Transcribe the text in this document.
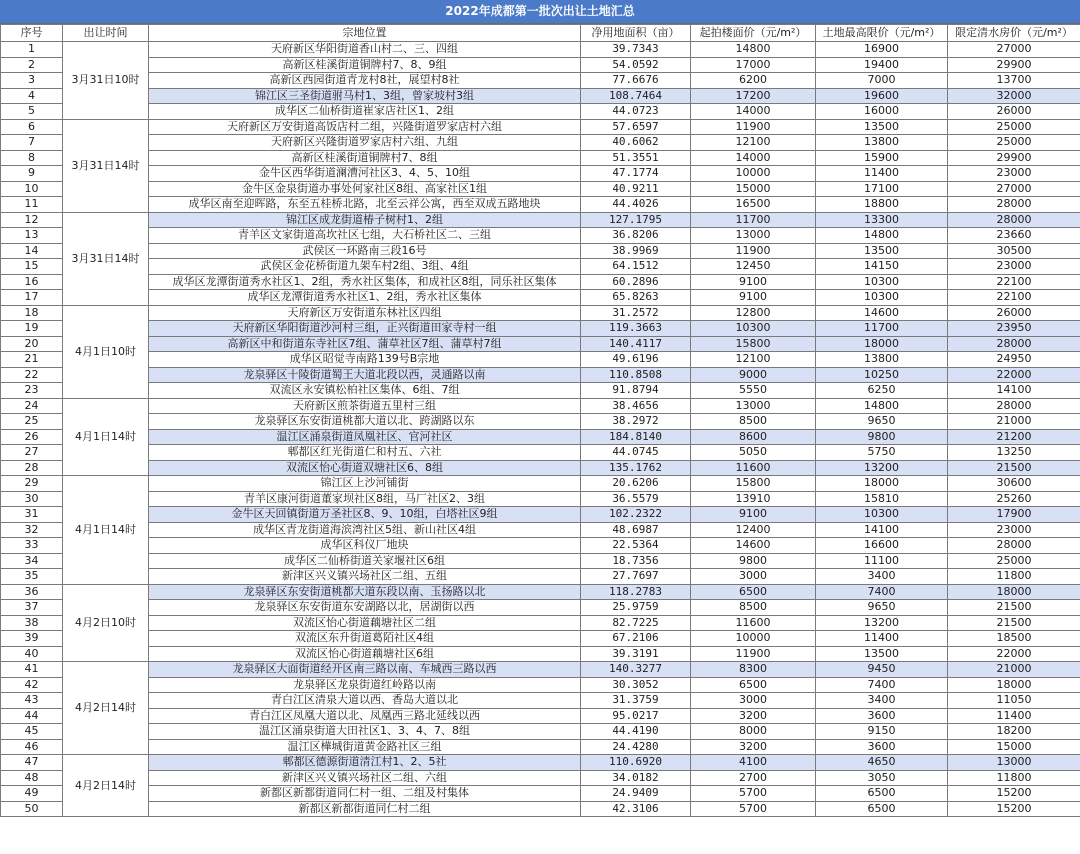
2022年成都第一批次出让土地汇总
序号	出让时间	宗地位置	净用地面积（亩）	起拍楼面价（元/m²）	土地最高限价（元/m²）	限定清水房价（元/m²）
1	3月31日10时	天府新区华阳街道香山村二、三、四组	39.7343	14800	16900	27000
2		高新区桂溪街道铜牌村7、8、9组	54.0592	17000	19400	29900
3		高新区西园街道青龙村8社，展望村8社	77.6676	6200	7000	13700
4		锦江区三圣街道驸马村1、3组，曾家坡村3组	108.7464	17200	19600	32000
5		成华区二仙桥街道崔家店社区1、2组	44.0723	14000	16000	26000
6	3月31日14时	天府新区万安街道高饭店村二组，兴隆街道罗家店村六组	57.6597	11900	13500	25000
7		天府新区兴隆街道罗家店村六组、九组	40.6062	12100	13800	25000
8		高新区桂溪街道铜牌村7、8组	51.3551	14000	15900	29900
9		金牛区西华街道澜漕河社区3、4、5、10组	47.1774	10000	11400	23000
10		金牛区金泉街道办事处何家社区8组、高家社区1组	40.9211	15000	17100	27000
11		成华区南至迎晖路，东至五桂桥北路，北至云祥公寓，西至双成五路地块	44.4026	16500	18800	28000
12	3月31日14时	锦江区成龙街道椿子树村1、2组	127.1795	11700	13300	28000
13		青羊区文家街道高坎社区七组，大石桥社区二、三组	36.8206	13000	14800	23660
14		武侯区一环路南三段16号	38.9969	11900	13500	30500
15		武侯区金花桥街道九架车村2组、3组、4组	64.1512	12450	14150	23000
16		成华区龙潭街道秀水社区1、2组，秀水社区集体，和成社区8组，同乐社区集体	60.2896	9100	10300	22100
17		成华区龙潭街道秀水社区1、2组，秀水社区集体	65.8263	9100	10300	22100
18	4月1日10时	天府新区万安街道东林社区四组	31.2572	12800	14600	26000
19		天府新区华阳街道沙河村三组，正兴街道田家寺村一组	119.3663	10300	11700	23950
20		高新区中和街道东寺社区7组、蒲草社区7组、蒲草村7组	140.4117	15800	18000	28000
21		成华区昭觉寺南路139号B宗地	49.6196	12100	13800	24950
22		龙泉驿区十陵街道蜀王大道北段以西，灵通路以南	110.8508	9000	10250	22000
23		双流区永安镇松柏社区集体、6组、7组	91.8794	5550	6250	14100
24	4月1日14时	天府新区煎茶街道五里村三组	38.4656	13000	14800	28000
25		龙泉驿区东安街道桃都大道以北、跨湖路以东	38.2972	8500	9650	21000
26		温江区涌泉街道凤凰社区、官河社区	184.8140	8600	9800	21200
27		郫都区红光街道仁和村五、六社	44.0745	5050	5750	13250
28		双流区怡心街道双塘社区6、8组	135.1762	11600	13200	21500
29	4月1日14时	锦江区上沙河铺街	20.6206	15800	18000	30600
30		青羊区康河街道董家坝社区8组，马厂社区2、3组	36.5579	13910	15810	25260
31		金牛区天回镇街道万圣社区8、9、10组，白塔社区9组	102.2322	9100	10300	17900
32		成华区青龙街道海滨湾社区5组、新山社区4组	48.6987	12400	14100	23000
33		成华区科仪厂地块	22.5364	14600	16600	28000
34		成华区二仙桥街道关家堰社区6组	18.7356	9800	11100	25000
35		新津区兴义镇兴场社区二组、五组	27.7697	3000	3400	11800
36	4月2日10时	龙泉驿区东安街道桃都大道东段以南、玉扬路以北	118.2783	6500	7400	18000
37		龙泉驿区东安街道东安湖路以北，居湖街以西	25.9759	8500	9650	21500
38		双流区怡心街道藕塘社区二组	82.7225	11600	13200	21500
39		双流区东升街道葛陌社区4组	67.2106	10000	11400	18500
40		双流区怡心街道藕塘社区6组	39.3191	11900	13500	22000
41	4月2日14时	龙泉驿区大面街道经开区南三路以南、车城西三路以西	140.3277	8300	9450	21000
42		龙泉驿区龙泉街道红岭路以南	30.3052	6500	7400	18000
43		青白江区清泉大道以西、香岛大道以北	31.3759	3000	3400	11050
44		青白江区凤凰大道以北、凤凰西三路北延线以西	95.0217	3200	3600	11400
45		温江区涌泉街道大田社区1、3、4、7、8组	44.4190	8000	9150	18200
46		温江区樺城街道黄金路社区三组	24.4280	3200	3600	15000
47	4月2日14时	郫都区德源街道清江村1、2、5社	110.6920	4100	4650	13000
48		新津区兴义镇兴场社区二组、六组	34.0182	2700	3050	11800
49		新都区新都街道同仁村一组、二组及村集体	24.9409	5700	6500	15200
50		新都区新都街道同仁村二组	42.3106	5700	6500	15200
